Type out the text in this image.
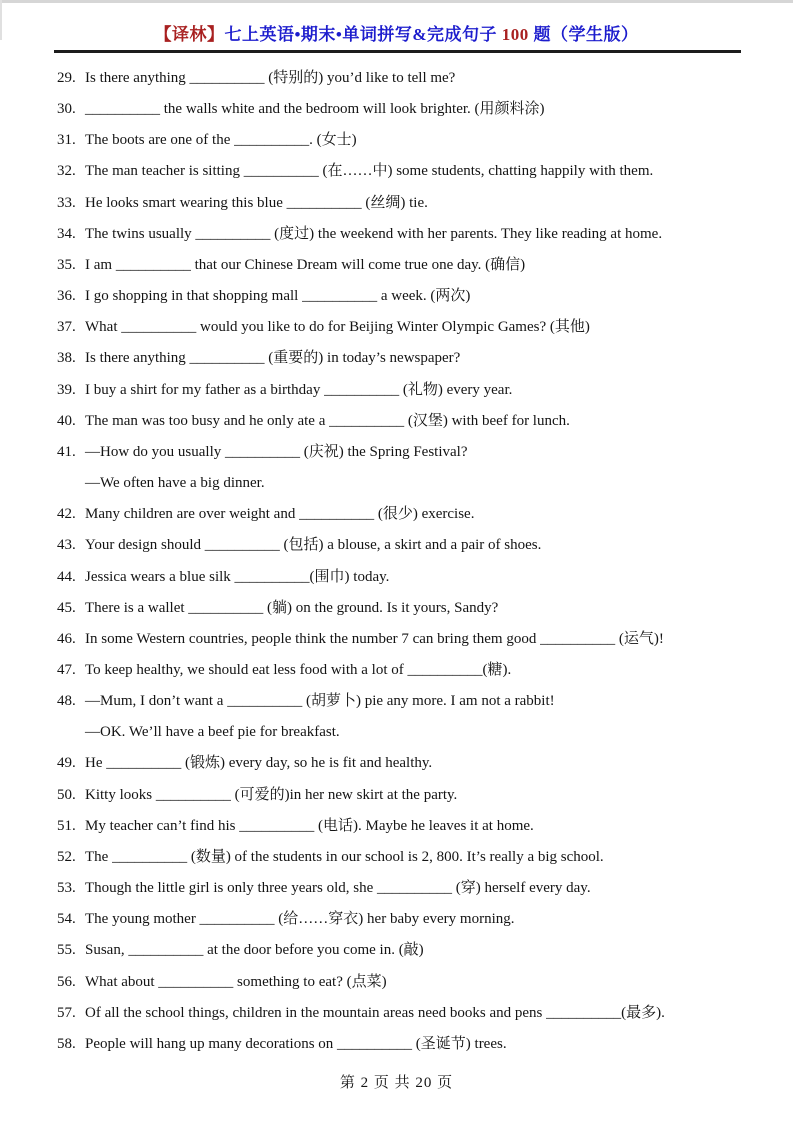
【译林】七上英语•期末•单词拼写&完成句子 100 题（学生版）
29. Is there anything __________ (特别的) you’d like to tell me?
30. __________ the walls white and the bedroom will look brighter. (用颜料涂)
31. The boots are one of the __________. (女士)
32. The man teacher is sitting __________ (在……中) some students, chatting happily with them.
33. He looks smart wearing this blue __________ (丝绸) tie.
34. The twins usually __________ (度过) the weekend with her parents. They like reading at home.
35. I am __________ that our Chinese Dream will come true one day. (确信)
36. I go shopping in that shopping mall __________ a week. (两次)
37. What __________ would you like to do for Beijing Winter Olympic Games? (其他)
38. Is there anything __________ (重要的) in today’s newspaper?
39. I buy a shirt for my father as a birthday __________ (礼物) every year.
40. The man was too busy and he only ate a __________ (汉堡) with beef for lunch.
41. —How do you usually __________ (庆祝) the Spring Festival?
—We often have a big dinner.
42. Many children are over weight and __________ (很少) exercise.
43. Your design should __________ (包括) a blouse, a skirt and a pair of shoes.
44. Jessica wears a blue silk __________(围巾) today.
45. There is a wallet __________ (躺) on the ground. Is it yours, Sandy?
46. In some Western countries, people think the number 7 can bring them good __________ (运气)!
47. To keep healthy, we should eat less food with a lot of __________(糖).
48. —Mum, I don’t want a __________ (胡萝卜) pie any more. I am not a rabbit!
—OK. We’ll have a beef pie for breakfast.
49. He __________ (锻炼) every day, so he is fit and healthy.
50. Kitty looks __________ (可爱的)in her new skirt at the party.
51. My teacher can’t find his __________ (电话). Maybe he leaves it at home.
52. The __________ (数量) of the students in our school is 2, 800. It’s really a big school.
53. Though the little girl is only three years old, she __________ (穿) herself every day.
54. The young mother __________ (给……穿衣) her baby every morning.
55. Susan, __________ at the door before you come in. (敲)
56. What about __________ something to eat? (点菜)
57. Of all the school things, children in the mountain areas need books and pens __________(最多).
58. People will hang up many decorations on __________ (圣诞节) trees.
第 2 页 共 20 页
